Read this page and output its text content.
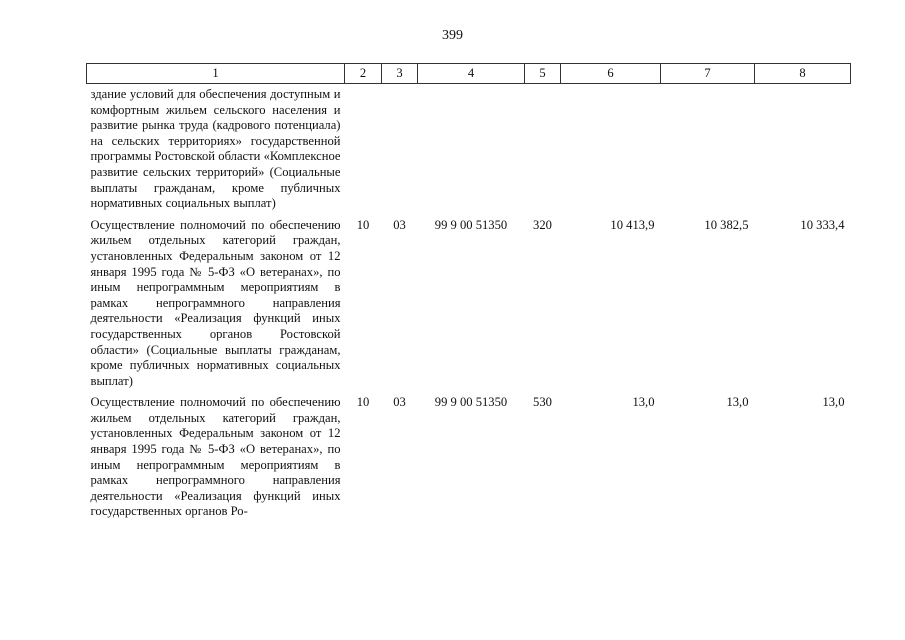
399
1	2	3	4	5	6	7	8
здание условий для обеспечения доступным и комфортным жильем сельского населения и развитие рынка труда (кадрового потенциала) на сельских территориях» государственной программы Ростовской области «Комплексное развитие сельских территорий» (Социальные выплаты гражданам, кроме публичных нормативных социальных выплат)							
Осуществление полномочий по обеспечению жильем отдельных категорий граждан, установленных Федеральным законом от 12 января 1995 года № 5-ФЗ «О ветеранах», по иным непрограммным мероприятиям в рамках непрограммного направления деятельности «Реализация функций иных государственных органов Ростовской области» (Социальные выплаты гражданам, кроме публичных нормативных социальных выплат)	10	03	99 9 00 51350	320	10 413,9	10 382,5	10 333,4
Осуществление полномочий по обеспечению жильем отдельных категорий граждан, установленных Федеральным законом от 12 января 1995 года № 5-ФЗ «О ветеранах», по иным непрограммным мероприятиям в рамках непрограммного направления деятельности «Реализация функций иных государственных органов Ро-	10	03	99 9 00 51350	530	13,0	13,0	13,0
